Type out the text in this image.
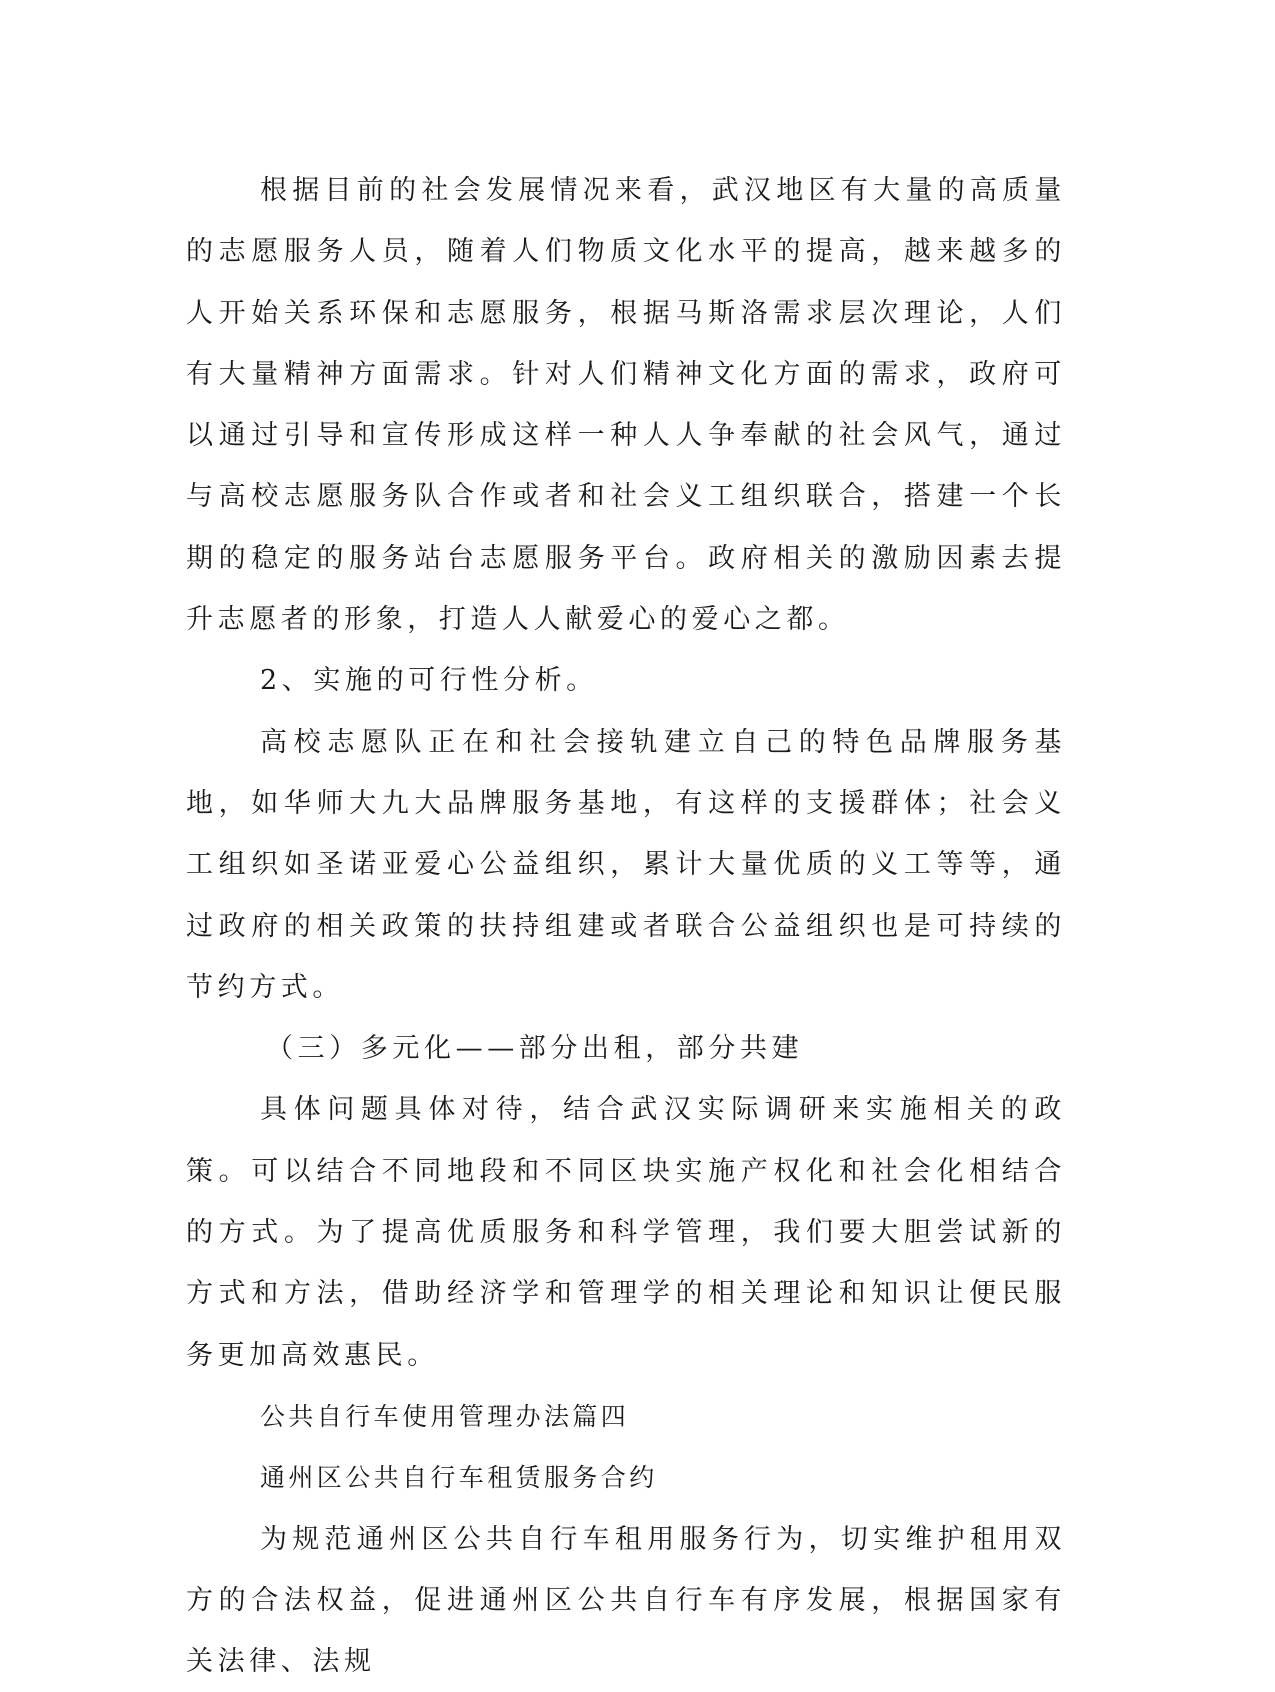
根据目前的社会发展情况来看，武汉地区有大量的高质量的志愿服务人员，随着人们物质文化水平的提高，越来越多的人开始关系环保和志愿服务，根据马斯洛需求层次理论，人们有大量精神方面需求。针对人们精神文化方面的需求，政府可以通过引导和宣传形成这样一种人人争奉献的社会风气，通过与高校志愿服务队合作或者和社会义工组织联合，搭建一个长期的稳定的服务站台志愿服务平台。政府相关的激励因素去提升志愿者的形象，打造人人献爱心的爱心之都。

2、实施的可行性分析。

高校志愿队正在和社会接轨建立自己的特色品牌服务基地，如华师大九大品牌服务基地，有这样的支援群体；社会义工组织如圣诺亚爱心公益组织，累计大量优质的义工等等，通过政府的相关政策的扶持组建或者联合公益组织也是可持续的节约方式。

（三）多元化——部分出租，部分共建

具体问题具体对待，结合武汉实际调研来实施相关的政策。可以结合不同地段和不同区块实施产权化和社会化相结合的方式。为了提高优质服务和科学管理，我们要大胆尝试新的方式和方法，借助经济学和管理学的相关理论和知识让便民服务更加高效惠民。

公共自行车使用管理办法篇四

通州区公共自行车租赁服务合约

为规范通州区公共自行车租用服务行为，切实维护租用双方的合法权益，促进通州区公共自行车有序发展，根据国家有关法律、法规
